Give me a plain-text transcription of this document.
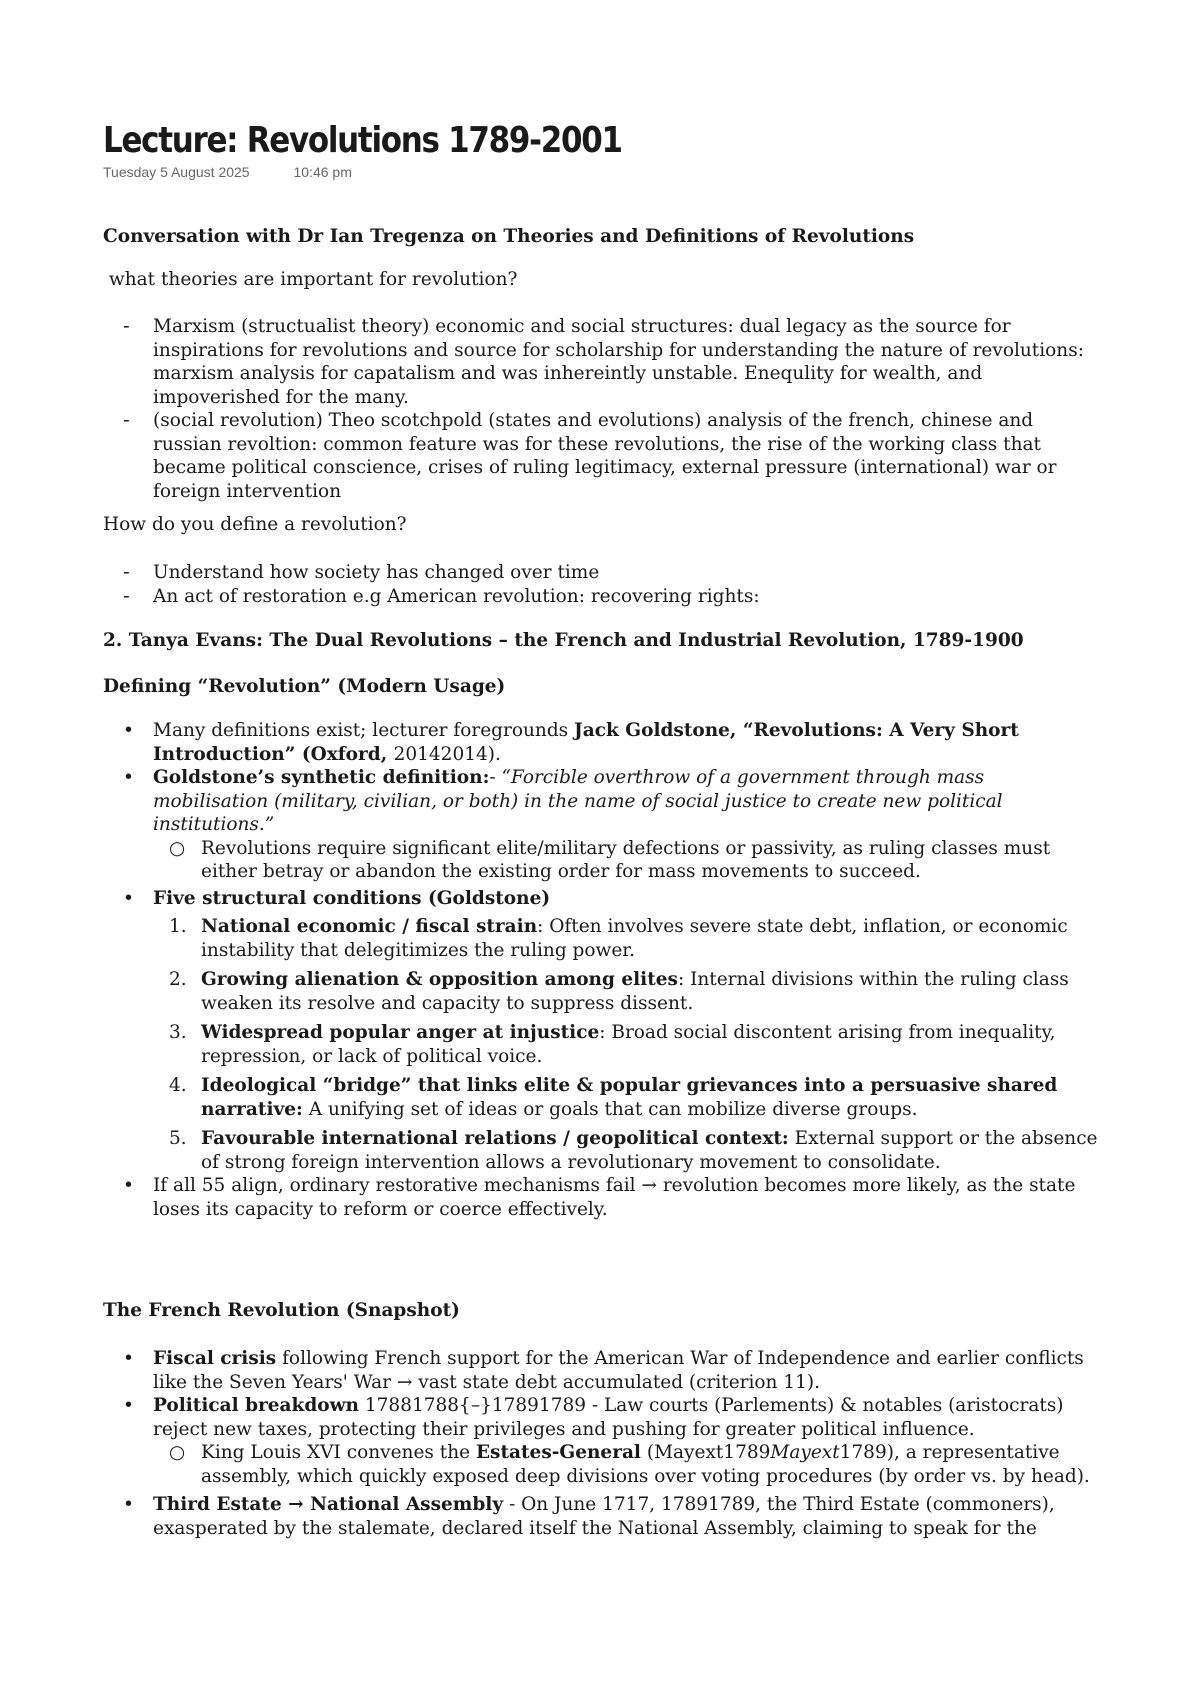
Lecture: Revolutions 1789-2001
Tuesday 5 August 2025	10:46 pm
Conversation with Dr Ian Tregenza on Theories and Definitions of Revolutions
what theories are important for revolution?
- Marxism (structualist theory) economic and social structures: dual legacy as the source for inspirations for revolutions and source for scholarship for understanding the nature of revolutions: marxism analysis for capatalism and was inhereintly unstable. Enequlity for wealth, and impoverished for the many.
- (social revolution) Theo scotchpold (states and evolutions) analysis of the french, chinese and russian revoltion: common feature was for these revolutions, the rise of the working class that became political conscience, crises of ruling legitimacy, external pressure (international) war or foreign intervention
How do you define a revolution?
- Understand how society has changed over time
- An act of restoration e.g American revolution: recovering rights:
2. Tanya Evans: The Dual Revolutions – the French and Industrial Revolution, 1789-1900
Defining “Revolution” (Modern Usage)
• Many definitions exist; lecturer foregrounds Jack Goldstone, “Revolutions: A Very Short Introduction” (Oxford, 20142014).
• Goldstone’s synthetic definition:- “Forcible overthrow of a government through mass mobilisation (military, civilian, or both) in the name of social justice to create new political institutions.”
○ Revolutions require significant elite/military defections or passivity, as ruling classes must either betray or abandon the existing order for mass movements to succeed.
• Five structural conditions (Goldstone)
1. National economic / fiscal strain: Often involves severe state debt, inflation, or economic instability that delegitimizes the ruling power.
2. Growing alienation & opposition among elites: Internal divisions within the ruling class weaken its resolve and capacity to suppress dissent.
3. Widespread popular anger at injustice: Broad social discontent arising from inequality, repression, or lack of political voice.
4. Ideological “bridge” that links elite & popular grievances into a persuasive shared narrative: A unifying set of ideas or goals that can mobilize diverse groups.
5. Favourable international relations / geopolitical context: External support or the absence of strong foreign intervention allows a revolutionary movement to consolidate.
• If all 55 align, ordinary restorative mechanisms fail → revolution becomes more likely, as the state loses its capacity to reform or coerce effectively.
The French Revolution (Snapshot)
• Fiscal crisis following French support for the American War of Independence and earlier conflicts like the Seven Years' War → vast state debt accumulated (criterion 11).
• Political breakdown 17881788{–}17891789 - Law courts (Parlements) & notables (aristocrats) reject new taxes, protecting their privileges and pushing for greater political influence.
○ King Louis XVI convenes the Estates-General (Mayext1789Mayext1789), a representative assembly, which quickly exposed deep divisions over voting procedures (by order vs. by head).
• Third Estate → National Assembly - On June 1717, 17891789, the Third Estate (commoners), exasperated by the stalemate, declared itself the National Assembly, claiming to speak for the
